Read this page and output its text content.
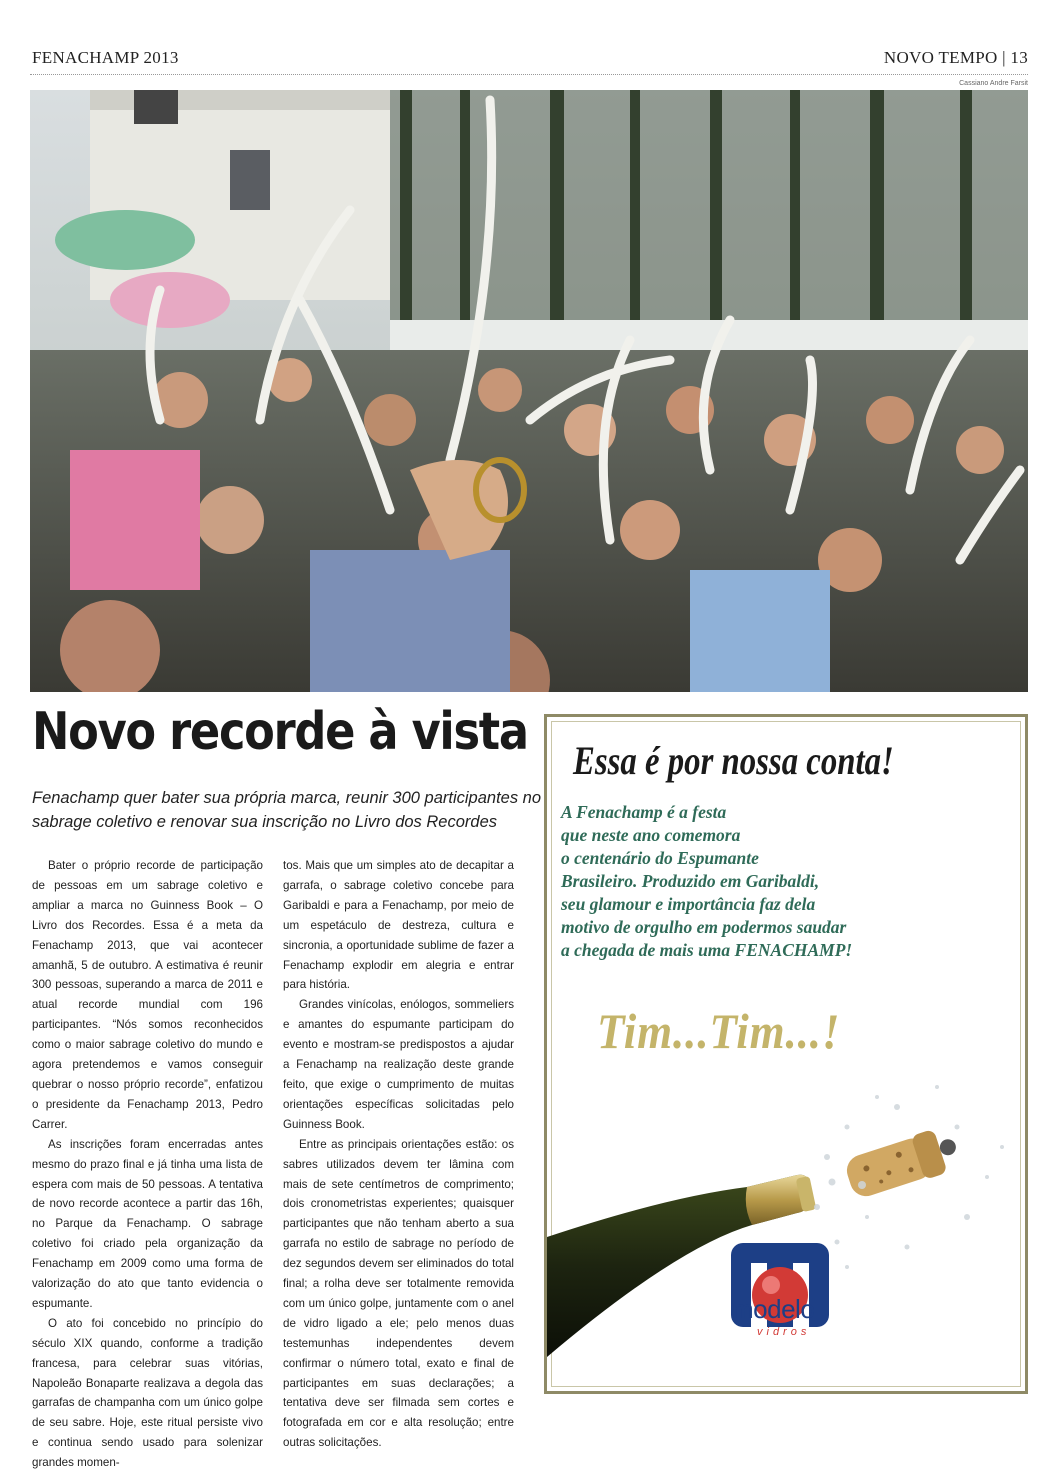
FENACHAMP 2013	NOVO TEMPO | 13
Cassiano Andre Farsit
Novo recorde à vista
Fenachamp quer bater sua própria marca, reunir 300 participantes no sabrage coletivo e renovar sua inscrição no Livro dos Recordes

Bater o próprio recorde de participação de pessoas em um sabrage coletivo e ampliar a marca no Guinness Book – O Livro dos Recordes. Essa é a meta da Fenachamp 2013, que vai acontecer amanhã, 5 de outubro. A estimativa é reunir 300 pessoas, superando a marca de 2011 e atual recorde mundial com 196 participantes. “Nós somos reconhecidos como o maior sabrage coletivo do mundo e agora pretendemos e vamos conseguir quebrar o nosso próprio recorde”, enfatizou o presidente da Fenachamp 2013, Pedro Carrer.

As inscrições foram encerradas antes mesmo do prazo final e já tinha uma lista de espera com mais de 50 pessoas. A tentativa de novo recorde acontece a partir das 16h, no Parque da Fenachamp. O sabrage coletivo foi criado pela organização da Fenachamp em 2009 como uma forma de valorização do ato que tanto evidencia o espumante.

O ato foi concebido no princípio do século XIX quando, conforme a tradição francesa, para celebrar suas vitórias, Napoleão Bonaparte realizava a degola das garrafas de champanha com um único golpe de seu sabre. Hoje, este ritual persiste vivo e continua sendo usado para solenizar grandes momen-

tos. Mais que um simples ato de decapitar a garrafa, o sabrage coletivo concebe para Garibaldi e para a Fenachamp, por meio de um espetáculo de destreza, cultura e sincronia, a oportunidade sublime de fazer a Fenachamp explodir em alegria e entrar para história.

Grandes vinícolas, enólogos, sommeliers e amantes do espumante participam do evento e mostram-se predispostos a ajudar a Fenachamp na realização deste grande feito, que exige o cumprimento de muitas orientações específicas solicitadas pelo Guinness Book.

Entre as principais orientações estão: os sabres utilizados devem ter lâmina com mais de sete centímetros de comprimento; dois cronometristas experientes; quaisquer participantes que não tenham aberto a sua garrafa no estilo de sabrage no período de dez segundos devem ser eliminados do total final; a rolha deve ser totalmente removida com um único golpe, juntamente com o anel de vidro ligado a ele; pelo menos duas testemunhas independentes devem confirmar o número total, exato e final de participantes em suas declarações; a tentativa deve ser filmada sem cortes e fotografada em cor e alta resolução; entre outras solicitações.

Essa é por nossa conta!
A Fenachamp é a festa
que neste ano comemora
o centenário do Espumante
Brasileiro. Produzido em Garibaldi,
seu glamour e importância faz dela
motivo de orgulho em podermos saudar
a chegada de mais uma FENACHAMP!
Tim...Tim...!
modelo
vidros
